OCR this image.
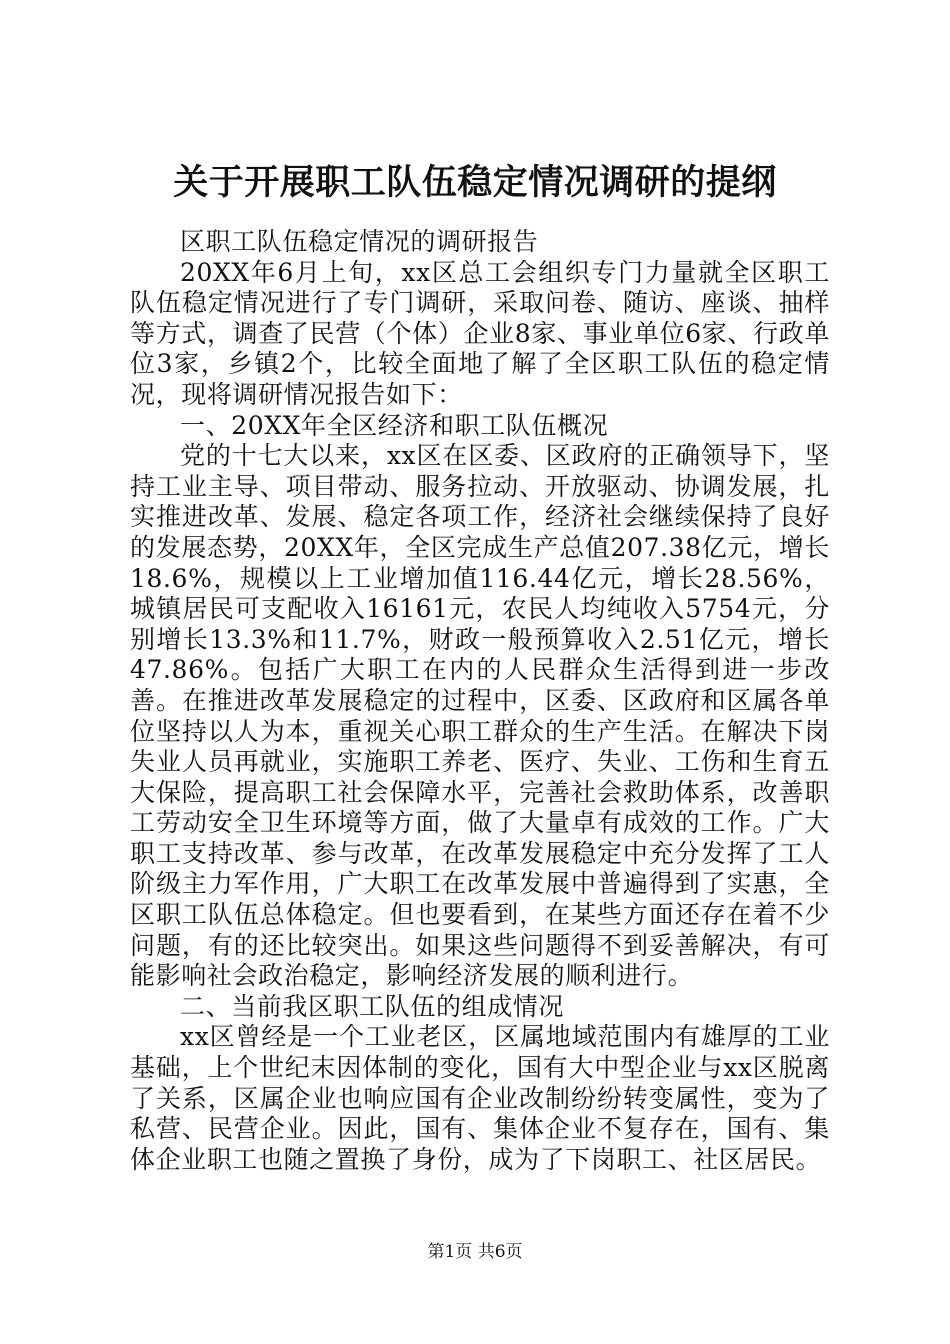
关于开展职工队伍稳定情况调研的提纲

区职工队伍稳定情况的调研报告

20XX年6月上旬，xx区总工会组织专门力量就全区职工队伍稳定情况进行了专门调研，采取问卷、随访、座谈、抽样等方式，调查了民营（个体）企业8家、事业单位6家、行政单位3家，乡镇2个，比较全面地了解了全区职工队伍的稳定情况，现将调研情况报告如下：

一、20XX年全区经济和职工队伍概况

党的十七大以来，xx区在区委、区政府的正确领导下，坚持工业主导、项目带动、服务拉动、开放驱动、协调发展，扎实推进改革、发展、稳定各项工作，经济社会继续保持了良好的发展态势，20XX年，全区完成生产总值207.38亿元，增长18.6%，规模以上工业增加值116.44亿元，增长28.56%，城镇居民可支配收入16161元，农民人均纯收入5754元，分别增长13.3%和11.7%，财政一般预算收入2.51亿元，增长47.86%。包括广大职工在内的人民群众生活得到进一步改善。在推进改革发展稳定的过程中，区委、区政府和区属各单位坚持以人为本，重视关心职工群众的生产生活。在解决下岗失业人员再就业，实施职工养老、医疗、失业、工伤和生育五大保险，提高职工社会保障水平，完善社会救助体系，改善职工劳动安全卫生环境等方面，做了大量卓有成效的工作。广大职工支持改革、参与改革，在改革发展稳定中充分发挥了工人阶级主力军作用，广大职工在改革发展中普遍得到了实惠，全区职工队伍总体稳定。但也要看到，在某些方面还存在着不少问题，有的还比较突出。如果这些问题得不到妥善解决，有可能影响社会政治稳定，影响经济发展的顺利进行。

二、当前我区职工队伍的组成情况

xx区曾经是一个工业老区，区属地域范围内有雄厚的工业基础，上个世纪末因体制的变化，国有大中型企业与xx区脱离了关系，区属企业也响应国有企业改制纷纷转变属性，变为了私营、民营企业。因此，国有、集体企业不复存在，国有、集体企业职工也随之置换了身份，成为了下岗职工、社区居民。

第1页 共6页
